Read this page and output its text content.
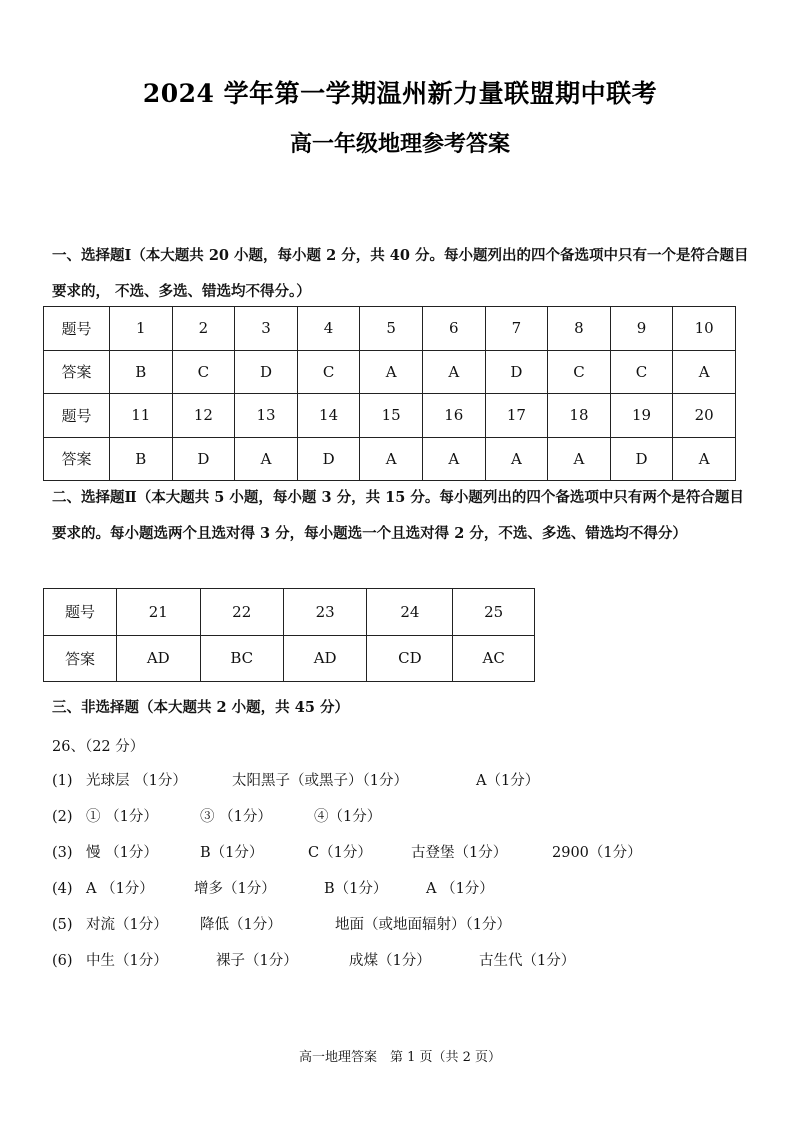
2024 学年第一学期温州新力量联盟期中联考
高一年级地理参考答案

一、选择题Ⅰ（本大题共 20 小题，每小题 2 分，共 40 分。每小题列出的四个备选项中只有一个是符合题目要求的， 不选、多选、错选均不得分。）

题号	1	2	3	4	5	6	7	8	9	10
答案	B	C	D	C	A	A	D	C	C	A
题号	11	12	13	14	15	16	17	18	19	20
答案	B	D	A	D	A	A	A	A	D	A

二、选择题Ⅱ（本大题共 5 小题，每小题 3 分，共 15 分。每小题列出的四个备选项中只有两个是符合题目要求的。每小题选两个且选对得 3 分，每小题选一个且选对得 2 分，不选、多选、错选均不得分）

题号	21	22	23	24	25
答案	AD	BC	AD	CD	AC

三、非选择题（本大题共 2 小题，共 45 分）

26、（22 分）

(1) 光球层 （1分）	太阳黑子（或黑子）（1分）	A（1分）
(2) ① （1分）	③ （1分）	④（1分）
(3) 慢 （1分）	B（1分）	C（1分）	古登堡（1分）	2900（1分）
(4) A （1分）	增多（1分）	B（1分）	A （1分）
(5) 对流（1分） 降低（1分）	地面（或地面辐射）（1分）
(6) 中生（1分）	裸子（1分）	成煤（1分）	古生代（1分）
高一地理答案　第 1 页（共 2 页）
